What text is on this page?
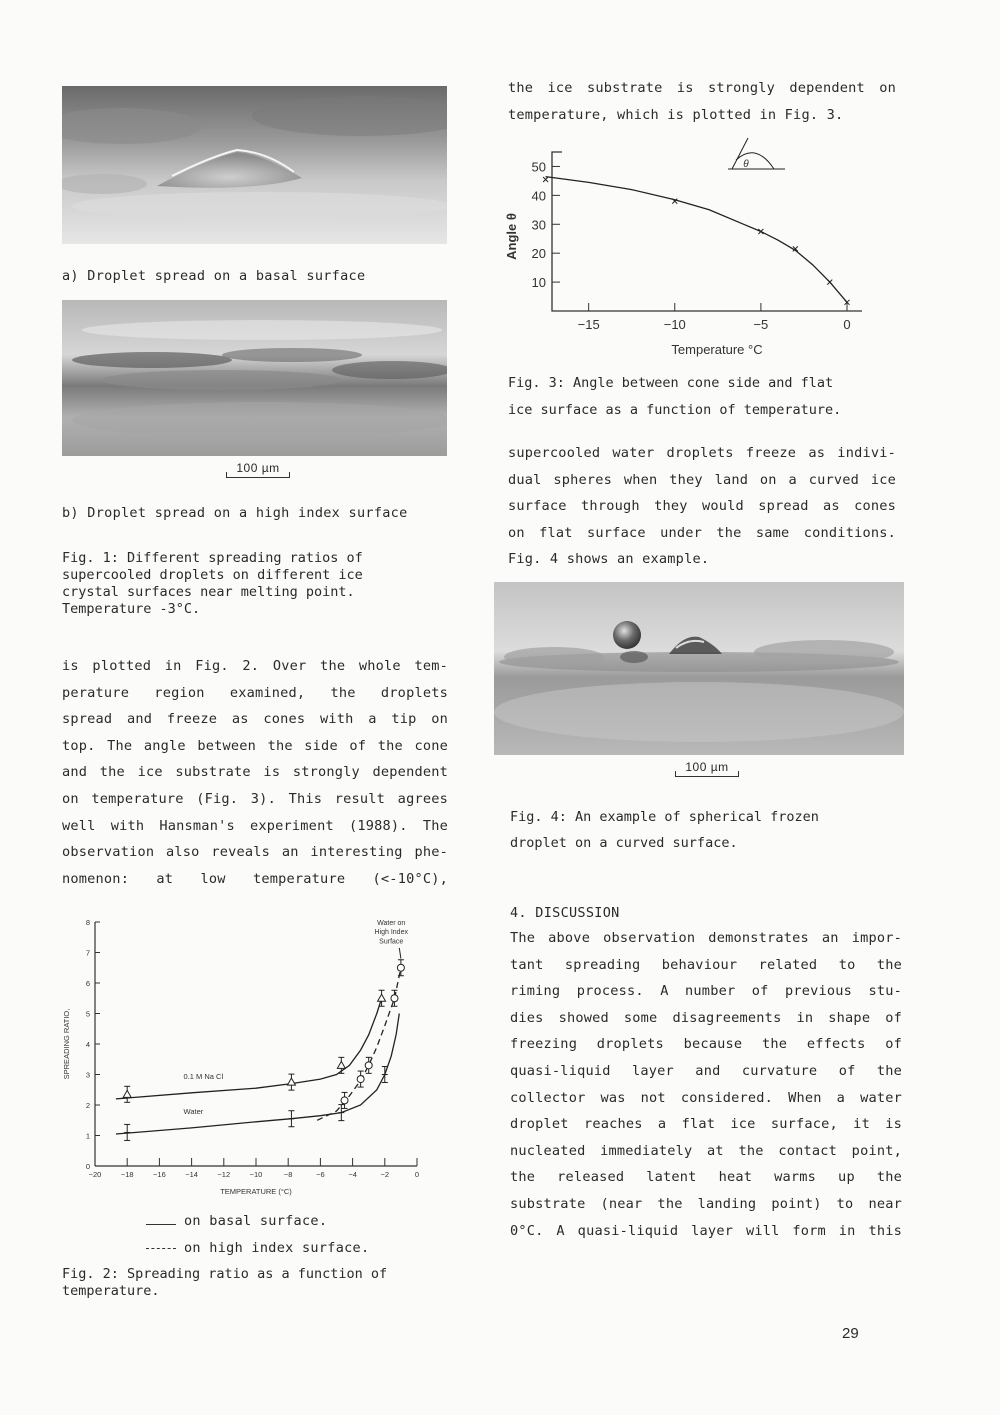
a) Droplet spread on a basal surface
100 µm
b) Droplet spread on a high index surface
Fig. 1: Different spreading ratios of
supercooled droplets on different ice
crystal surfaces near melting point.
Temperature -3°C.
is plotted in Fig. 2. Over the whole tem-
perature region examined, the droplets
spread and freeze as cones with a tip on
top. The angle between the side of the cone
and the ice substrate is strongly dependent
on temperature (Fig. 3). This result agrees
well with Hansman's experiment (1988). The
observation also reveals an interesting phe-
nomenon: at low temperature (<-10°C),
0
1
2
3
4
5
6
7
8
−20	−18	−16	−14	−12	−10	−8	−6	−4	−2	0
TEMPERATURE (°C)
SPREADING RATIO,	0.1 M Na Cl
Water
Water on
High Index
Surface
on basal surface.
on high index surface.
Fig. 2: Spreading ratio as a function of
temperature.
the ice substrate is strongly dependent on
temperature, which is plotted in Fig. 3.
10
20
30
40
50
−15	−10	−5	0
Temperature °C
Angle θ
θ
Fig. 3: Angle between cone side and flat
ice surface as a function of temperature.
supercooled water droplets freeze as indivi-
dual spheres when they land on a curved ice
surface through they would spread as cones
on flat surface under the same conditions.
Fig. 4 shows an example.
100 µm
Fig. 4: An example of spherical frozen
droplet on a curved surface.
4. DISCUSSION
The above observation demonstrates an impor-
tant spreading behaviour related to the
riming process. A number of previous stu-
dies showed some disagreements in shape of
freezing droplets because the effects of
quasi-liquid layer and curvature of the
collector was not considered. When a water
droplet reaches a flat ice surface, it is
nucleated immediately at the contact point,
the released latent heat warms up the
substrate (near the landing point) to near
0°C. A quasi-liquid layer will form in this
29
